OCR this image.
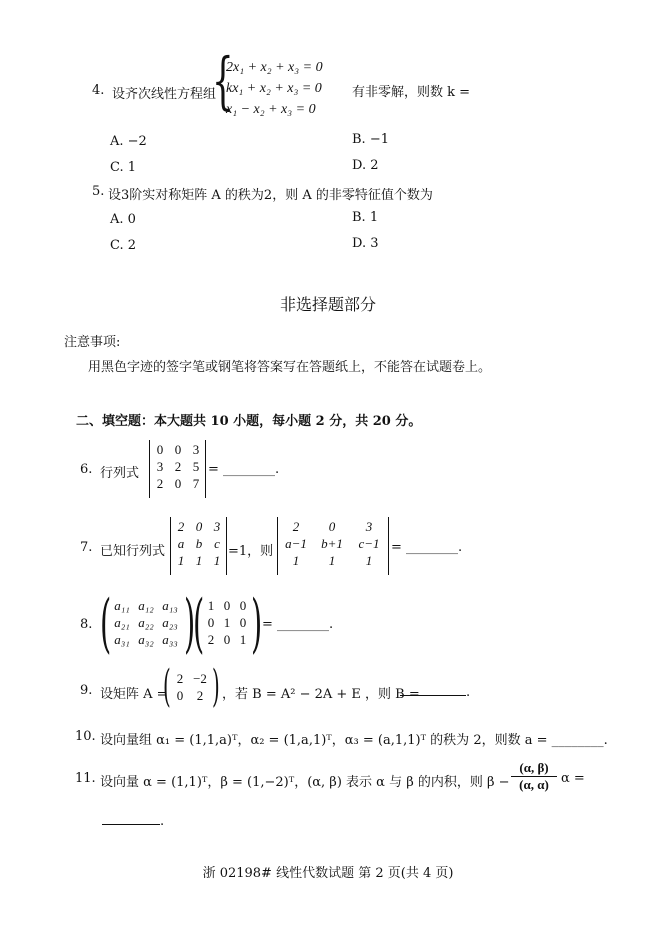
4. 设齐次线性方程组
{
2x₁ + x₂ + x₃ = 0
kx₁ + x₂ + x₃ = 0
x₁ − x₂ + x₃ = 0
有非零解，则数 k =
A. −2	B. −1
C. 1	D. 2
5. 设3阶实对称矩阵 A 的秩为2，则 A 的非零特征值个数为
A. 0	B. 1
C. 2	D. 3
非选择题部分
注意事项:
用黑色字迹的签字笔或钢笔将答案写在答题纸上，不能答在试题卷上。
二、填空题：本大题共 10 小题，每小题 2 分，共 20 分。
6. 行列式
0	0	3
3	2	5
2	0	7
= ________.
7. 已知行列式
2	0	3
a	b	c
1	1	1
=1，则
2	0	3
a−1	b+1	c−1
1	1	1
= ________.
8. ( a₁₁	a₁₂	a₁₃
a₂₁	a₂₂	a₂₃
a₃₁	a₃₂	a₃₃ )
( 1	0	0
0	1	0
2	0	1 ) = ________.
9. 设矩阵 A =
( 2	−2
0	2 ) ，若 B = A² − 2A + E ，则 B =	.
10. 设向量组 α₁ = (1,1,a)ᵀ，α₂ = (1,a,1)ᵀ，α₃ = (a,1,1)ᵀ 的秩为 2，则数 a = ________.
11. 设向量 α = (1,1)ᵀ，β = (1,−2)ᵀ，(α, β) 表示 α 与 β 的内积，则 $\beta - \frac{(\alpha, \beta)}{(\alpha, \alpha)}$ α =
.
浙 02198# 线性代数试题 第 2 页(共 4 页)
